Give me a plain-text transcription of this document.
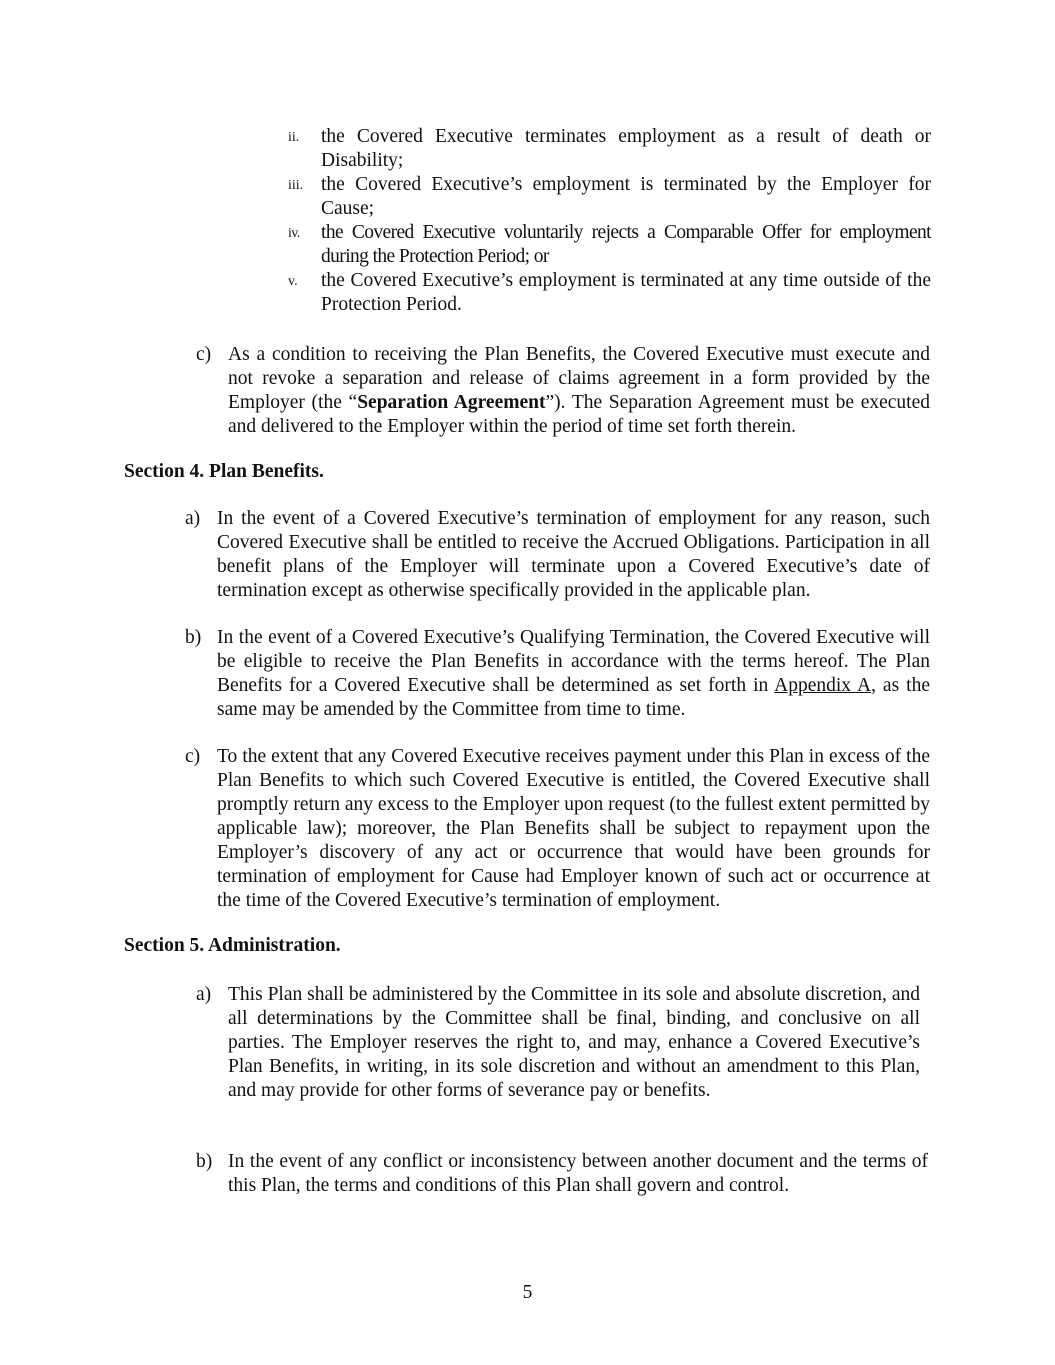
ii. the Covered Executive terminates employment as a result of death or Disability;
iii. the Covered Executive’s employment is terminated by the Employer for Cause;
iv. the Covered Executive voluntarily rejects a Comparable Offer for employment during the Protection Period; or
v. the Covered Executive’s employment is terminated at any time outside of the Protection Period.
c) As a condition to receiving the Plan Benefits, the Covered Executive must execute and not revoke a separation and release of claims agreement in a form provided by the Employer (the “Separation Agreement”). The Separation Agreement must be executed and delivered to the Employer within the period of time set forth therein.
Section 4. Plan Benefits.
a) In the event of a Covered Executive’s termination of employment for any reason, such Covered Executive shall be entitled to receive the Accrued Obligations. Participation in all benefit plans of the Employer will terminate upon a Covered Executive’s date of termination except as otherwise specifically provided in the applicable plan.
b) In the event of a Covered Executive’s Qualifying Termination, the Covered Executive will be eligible to receive the Plan Benefits in accordance with the terms hereof. The Plan Benefits for a Covered Executive shall be determined as set forth in Appendix A, as the same may be amended by the Committee from time to time.
c) To the extent that any Covered Executive receives payment under this Plan in excess of the Plan Benefits to which such Covered Executive is entitled, the Covered Executive shall promptly return any excess to the Employer upon request (to the fullest extent permitted by applicable law); moreover, the Plan Benefits shall be subject to repayment upon the Employer’s discovery of any act or occurrence that would have been grounds for termination of employment for Cause had Employer known of such act or occurrence at the time of the Covered Executive’s termination of employment.
Section 5. Administration.
a) This Plan shall be administered by the Committee in its sole and absolute discretion, and all determinations by the Committee shall be final, binding, and conclusive on all parties. The Employer reserves the right to, and may, enhance a Covered Executive’s Plan Benefits, in writing, in its sole discretion and without an amendment to this Plan, and may provide for other forms of severance pay or benefits.
b) In the event of any conflict or inconsistency between another document and the terms of this Plan, the terms and conditions of this Plan shall govern and control.
5
